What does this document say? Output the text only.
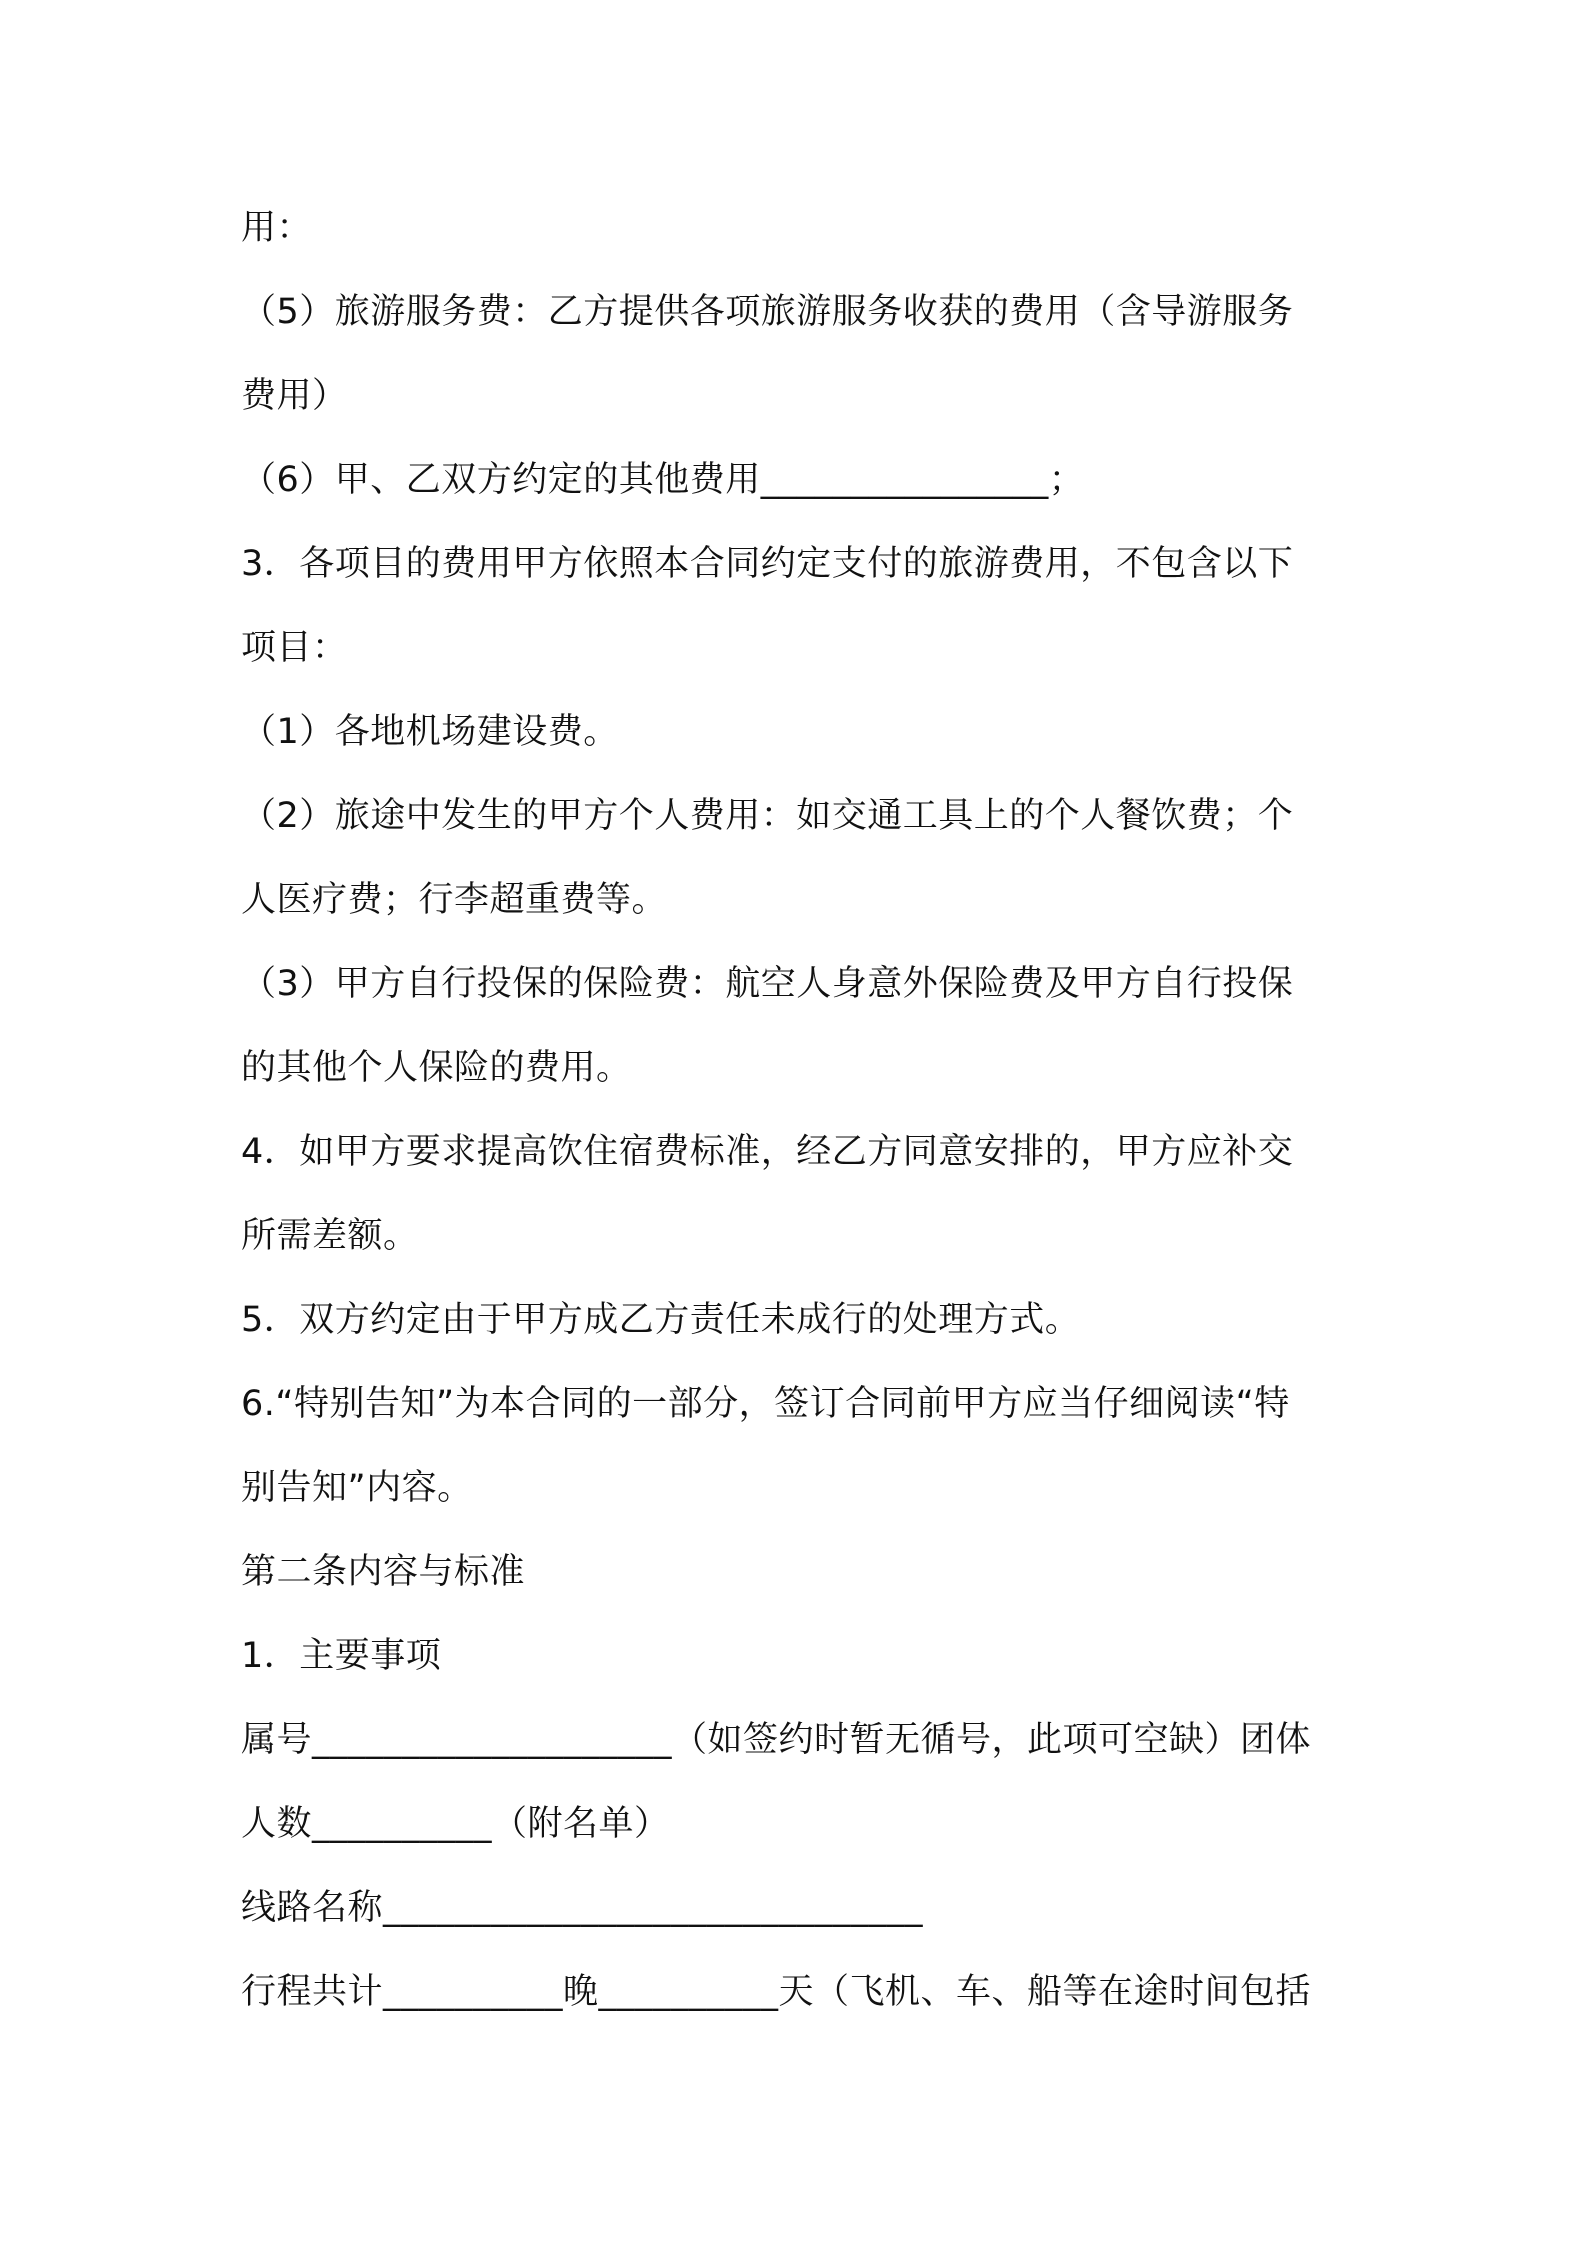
用：
（5）旅游服务费：乙方提供各项旅游服务收获的费用（含导游服务
费用）
（6）甲、乙双方约定的其他费用________________；
3．各项目的费用甲方依照本合同约定支付的旅游费用，不包含以下
项目：
（1）各地机场建设费。
（2）旅途中发生的甲方个人费用：如交通工具上的个人餐饮费；个
人医疗费；行李超重费等。
（3）甲方自行投保的保险费：航空人身意外保险费及甲方自行投保
的其他个人保险的费用。
4．如甲方要求提高饮住宿费标准，经乙方同意安排的，甲方应补交
所需差额。
5．双方约定由于甲方成乙方责任未成行的处理方式。
6.“特别告知”为本合同的一部分，签订合同前甲方应当仔细阅读“特
别告知”内容。
第二条内容与标准
1．主要事项
属号____________________（如签约时暂无循号，此项可空缺）团体
人数__________（附名单）
线路名称______________________________
行程共计__________晚__________天（飞机、车、船等在途时间包括
